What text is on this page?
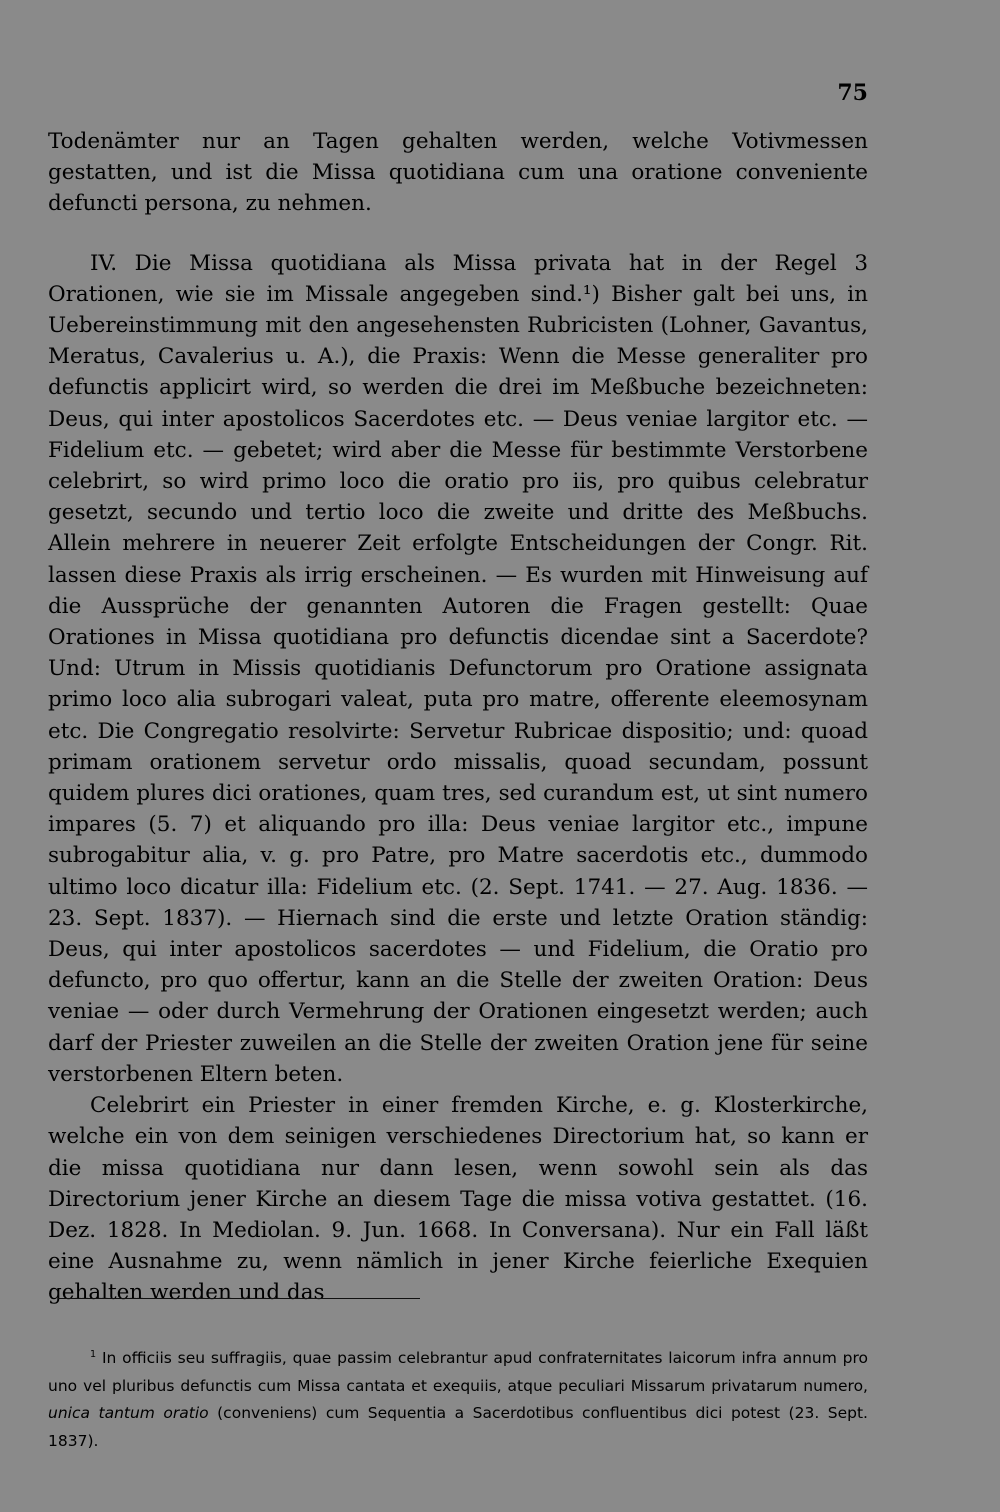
75

Todenämter nur an Tagen gehalten werden, welche Votivmessen gestatten, und ist die Missa quotidiana cum una oratione conveniente defuncti persona, zu nehmen.

IV. Die Missa quotidiana als Missa privata hat in der Regel 3 Orationen, wie sie im Missale angegeben sind.¹) Bisher galt bei uns, in Uebereinstimmung mit den angesehensten Rubricisten (Lohner, Gavantus, Meratus, Cavalerius u. A.), die Praxis: Wenn die Messe generaliter pro defunctis applicirt wird, so werden die drei im Meßbuche bezeichneten: Deus, qui inter apostolicos Sacerdotes etc. — Deus veniae largitor etc. — Fidelium etc. — gebetet; wird aber die Messe für bestimmte Verstorbene celebrirt, so wird primo loco die oratio pro iis, pro quibus celebratur gesetzt, secundo und tertio loco die zweite und dritte des Meßbuchs. Allein mehrere in neuerer Zeit erfolgte Entscheidungen der Congr. Rit. lassen diese Praxis als irrig erscheinen. — Es wurden mit Hinweisung auf die Aussprüche der genannten Autoren die Fragen gestellt: Quae Orationes in Missa quotidiana pro defunctis dicendae sint a Sacerdote? Und: Utrum in Missis quotidianis Defunctorum pro Oratione assignata primo loco alia subrogari valeat, puta pro matre, offerente eleemosynam etc. Die Congregatio resolvirte: Servetur Rubricae dispositio; und: quoad primam orationem servetur ordo missalis, quoad secundam, possunt quidem plures dici orationes, quam tres, sed curandum est, ut sint numero impares (5. 7) et aliquando pro illa: Deus veniae largitor etc., impune subrogabitur alia, v. g. pro Patre, pro Matre sacerdotis etc., dummodo ultimo loco dicatur illa: Fidelium etc. (2. Sept. 1741. — 27. Aug. 1836. — 23. Sept. 1837). — Hiernach sind die erste und letzte Oration ständig: Deus, qui inter apostolicos sacerdotes — und Fidelium, die Oratio pro defuncto, pro quo offertur, kann an die Stelle der zweiten Oration: Deus veniae — oder durch Vermehrung der Orationen eingesetzt werden; auch darf der Priester zuweilen an die Stelle der zweiten Oration jene für seine verstorbenen Eltern beten.

Celebrirt ein Priester in einer fremden Kirche, e. g. Klosterkirche, welche ein von dem seinigen verschiedenes Directorium hat, so kann er die missa quotidiana nur dann lesen, wenn sowohl sein als das Directorium jener Kirche an diesem Tage die missa votiva gestattet. (16. Dez. 1828. In Mediolan. 9. Jun. 1668. In Conversana). Nur ein Fall läßt eine Ausnahme zu, wenn nämlich in jener Kirche feierliche Exequien gehalten werden und das

$^1$ In officiis seu suffragiis, quae passim celebrantur apud confraternitates laicorum infra annum pro uno vel pluribus defunctis cum Missa cantata et exequiis, atque peculiari Missarum privatarum numero, unica tantum oratio (conveniens) cum Sequentia a Sacerdotibus confluentibus dici potest (23. Sept. 1837).
